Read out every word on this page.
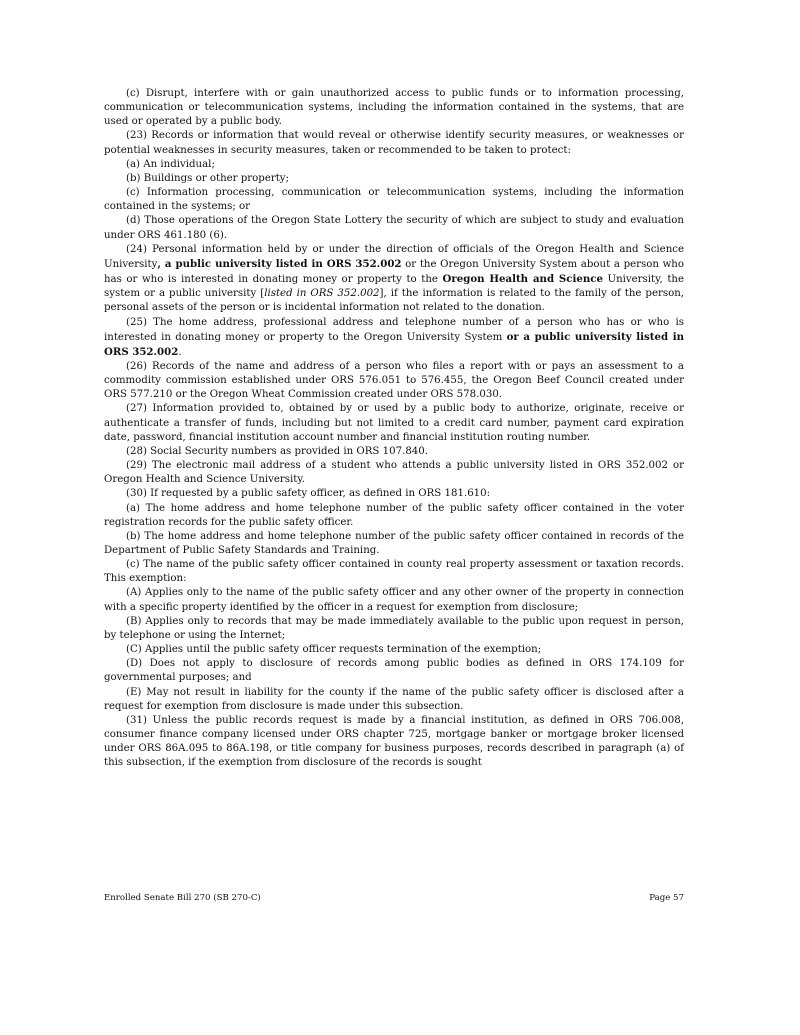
(c) Disrupt, interfere with or gain unauthorized access to public funds or to information processing, communication or telecommunication systems, including the information contained in the systems, that are used or operated by a public body.

(23) Records or information that would reveal or otherwise identify security measures, or weaknesses or potential weaknesses in security measures, taken or recommended to be taken to protect:

(a) An individual;

(b) Buildings or other property;

(c) Information processing, communication or telecommunication systems, including the information contained in the systems; or

(d) Those operations of the Oregon State Lottery the security of which are subject to study and evaluation under ORS 461.180 (6).

(24) Personal information held by or under the direction of officials of the Oregon Health and Science University, a public university listed in ORS 352.002 or the Oregon University System about a person who has or who is interested in donating money or property to the Oregon Health and Science University, the system or a public university [listed in ORS 352.002], if the information is related to the family of the person, personal assets of the person or is incidental information not related to the donation.

(25) The home address, professional address and telephone number of a person who has or who is interested in donating money or property to the Oregon University System or a public university listed in ORS 352.002.

(26) Records of the name and address of a person who files a report with or pays an assessment to a commodity commission established under ORS 576.051 to 576.455, the Oregon Beef Council created under ORS 577.210 or the Oregon Wheat Commission created under ORS 578.030.

(27) Information provided to, obtained by or used by a public body to authorize, originate, receive or authenticate a transfer of funds, including but not limited to a credit card number, payment card expiration date, password, financial institution account number and financial institution routing number.

(28) Social Security numbers as provided in ORS 107.840.

(29) The electronic mail address of a student who attends a public university listed in ORS 352.002 or Oregon Health and Science University.

(30) If requested by a public safety officer, as defined in ORS 181.610:

(a) The home address and home telephone number of the public safety officer contained in the voter registration records for the public safety officer.

(b) The home address and home telephone number of the public safety officer contained in records of the Department of Public Safety Standards and Training.

(c) The name of the public safety officer contained in county real property assessment or taxation records. This exemption:

(A) Applies only to the name of the public safety officer and any other owner of the property in connection with a specific property identified by the officer in a request for exemption from disclosure;

(B) Applies only to records that may be made immediately available to the public upon request in person, by telephone or using the Internet;

(C) Applies until the public safety officer requests termination of the exemption;

(D) Does not apply to disclosure of records among public bodies as defined in ORS 174.109 for governmental purposes; and

(E) May not result in liability for the county if the name of the public safety officer is disclosed after a request for exemption from disclosure is made under this subsection.

(31) Unless the public records request is made by a financial institution, as defined in ORS 706.008, consumer finance company licensed under ORS chapter 725, mortgage banker or mortgage broker licensed under ORS 86A.095 to 86A.198, or title company for business purposes, records described in paragraph (a) of this subsection, if the exemption from disclosure of the records is sought

Enrolled Senate Bill 270 (SB 270-C)	Page 57
